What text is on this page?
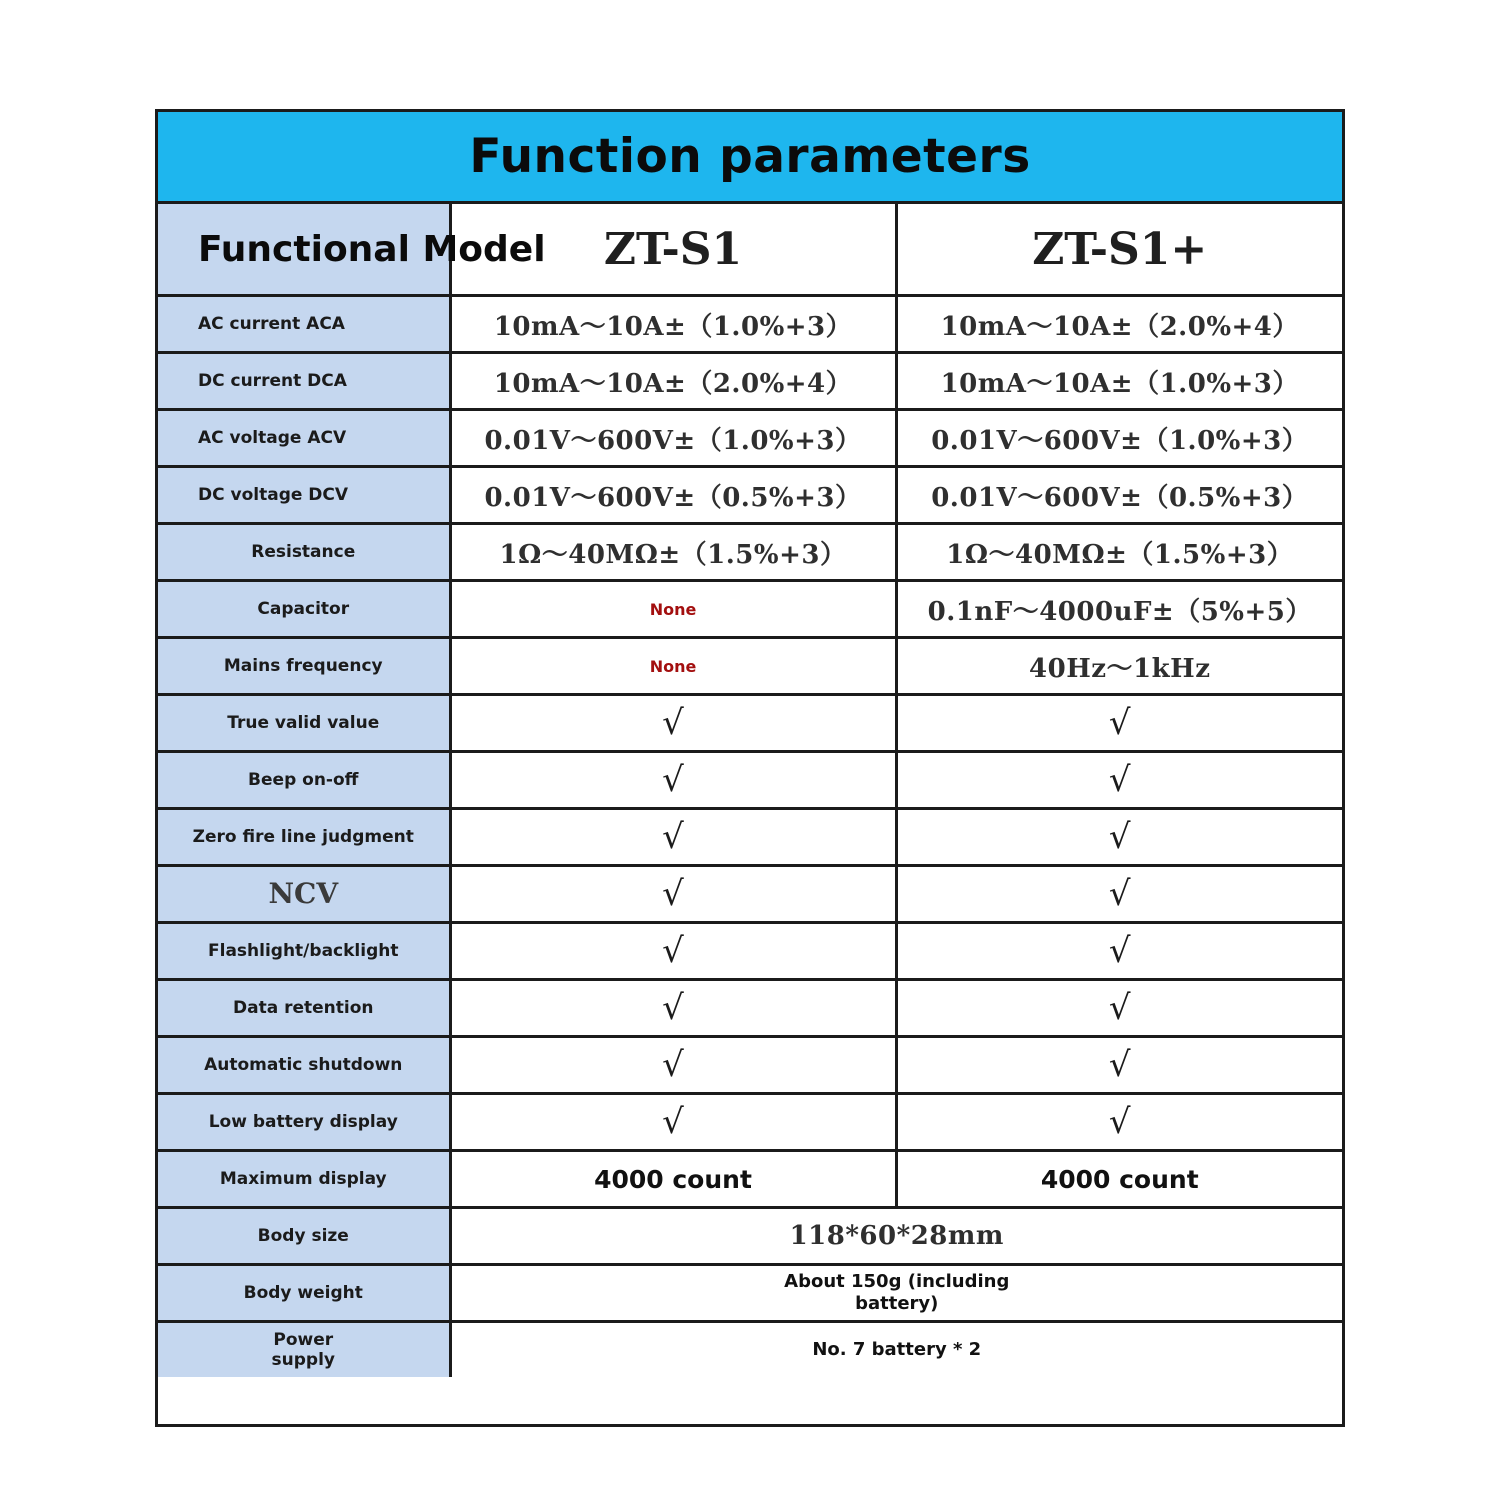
Function parameters
Functional Model	ZT-S1	ZT-S1+
AC current ACA	10mA～10A±（1.0%+3）	10mA～10A±（2.0%+4）
DC current DCA	10mA～10A±（2.0%+4）	10mA～10A±（1.0%+3）
AC voltage ACV	0.01V～600V±（1.0%+3）	0.01V～600V±（1.0%+3）
DC voltage DCV	0.01V～600V±（0.5%+3）	0.01V～600V±（0.5%+3）
Resistance	1Ω～40MΩ±（1.5%+3）	1Ω～40MΩ±（1.5%+3）
Capacitor	None	0.1nF～4000uF±（5%+5）
Mains frequency	None	40Hz～1kHz
True valid value	√	√
Beep on-off	√	√
Zero fire line judgment	√	√
NCV	√	√
Flashlight/backlight	√	√
Data retention	√	√
Automatic shutdown	√	√
Low battery display	√	√
Maximum display	4000 count	4000 count
Body size	118*60*28mm	
Body weight	About 150g (including battery)	
Power supply	No. 7 battery * 2	
